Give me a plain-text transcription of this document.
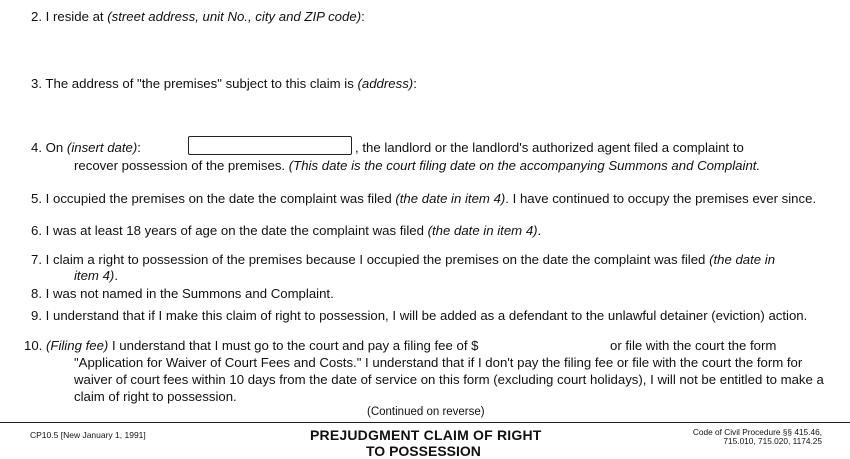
2. I reside at (street address, unit No., city and ZIP code):
3. The address of "the premises" subject to this claim is (address):
4. On (insert date):	, the landlord or the landlord's authorized agent filed a complaint to
recover possession of the premises. (This date is the court filing date on the accompanying Summons and Complaint.
5. I occupied the premises on the date the complaint was filed (the date in item 4). I have continued to occupy the premises ever since.
6. I was at least 18 years of age on the date the complaint was filed (the date in item 4).
7. I claim a right to possession of the premises because I occupied the premises on the date the complaint was filed (the date in
item 4).
8. I was not named in the Summons and Complaint.
9. I understand that if I make this claim of right to possession, I will be added as a defendant to the unlawful detainer (eviction) action.
10. (Filing fee) I understand that I must go to the court and pay a filing fee of $	or file with the court the form
"Application for Waiver of Court Fees and Costs." I understand that if I don't pay the filing fee or file with the court the form for
waiver of court fees within 10 days from the date of service on this form (excluding court holidays), I will not be entitled to make a
claim of right to possession.
(Continued on reverse)
CP10.5 [New January 1, 1991]	PREJUDGMENT CLAIM OF RIGHT
TO POSSESSION
Code of Civil Procedure §§ 415.46,
715.010, 715.020, 1174.25
